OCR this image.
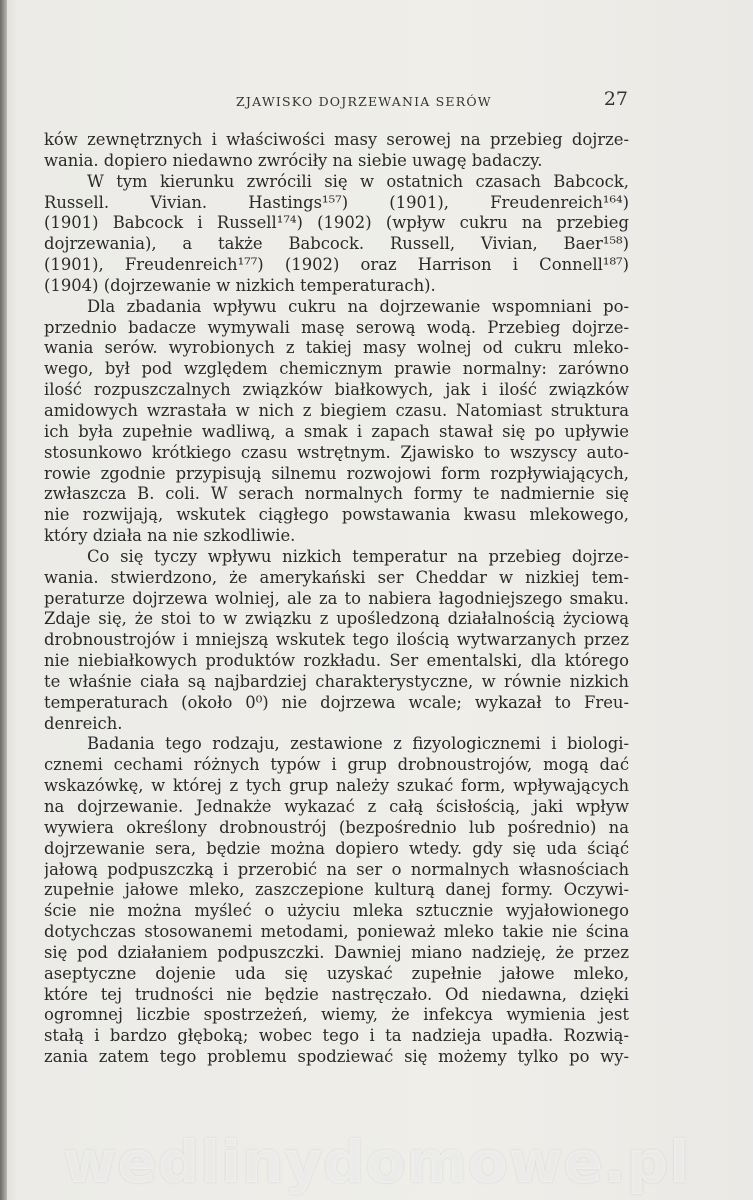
ZJAWISKO DOJRZEWANIA SERÓW	27
ków zewnętrznych i właściwości masy serowej na przebieg dojrze-
wania. dopiero niedawno zwróciły na siebie uwagę badaczy.
W tym kierunku zwrócili się w ostatnich czasach Babcock,
Russell. Vivian. Hastings¹⁵⁷) (1901), Freudenreich¹⁶⁴)
(1901) Babcock i Russell¹⁷⁴) (1902) (wpływ cukru na przebieg
dojrzewania), a także Babcock. Russell, Vivian, Baer¹⁵⁸)
(1901), Freudenreich¹⁷⁷) (1902) oraz Harrison i Connell¹⁸⁷)
(1904) (dojrzewanie w nizkich temperaturach).
Dla zbadania wpływu cukru na dojrzewanie wspomniani po-
przednio badacze wymywali masę serową wodą. Przebieg dojrze-
wania serów. wyrobionych z takiej masy wolnej od cukru mleko-
wego, był pod względem chemicznym prawie normalny: zarówno
ilość rozpuszczalnych związków białkowych, jak i ilość związków
amidowych wzrastała w nich z biegiem czasu. Natomiast struktura
ich była zupełnie wadliwą, a smak i zapach stawał się po upływie
stosunkowo krótkiego czasu wstrętnym. Zjawisko to wszyscy auto-
rowie zgodnie przypisują silnemu rozwojowi form rozpływiających,
zwłaszcza B. coli. W serach normalnych formy te nadmiernie się
nie rozwijają, wskutek ciągłego powstawania kwasu mlekowego,
który działa na nie szkodliwie.
Co się tyczy wpływu nizkich temperatur na przebieg dojrze-
wania. stwierdzono, że amerykański ser Cheddar w nizkiej tem-
peraturze dojrzewa wolniej, ale za to nabiera łagodniejszego smaku.
Zdaje się, że stoi to w związku z upośledzoną działalnością życiową
drobnoustrojów i mniejszą wskutek tego ilością wytwarzanych przez
nie niebiałkowych produktów rozkładu. Ser ementalski, dla którego
te właśnie ciała są najbardziej charakterystyczne, w równie nizkich
temperaturach (około 0⁰) nie dojrzewa wcale; wykazał to Freu-
denreich.
Badania tego rodzaju, zestawione z fizyologicznemi i biologi-
cznemi cechami różnych typów i grup drobnoustrojów, mogą dać
wskazówkę, w której z tych grup należy szukać form, wpływających
na dojrzewanie. Jednakże wykazać z całą ścisłością, jaki wpływ
wywiera określony drobnoustrój (bezpośrednio lub pośrednio) na
dojrzewanie sera, będzie można dopiero wtedy. gdy się uda ściąć
jałową podpuszczką i przerobić na ser o normalnych własnościach
zupełnie jałowe mleko, zaszczepione kulturą danej formy. Oczywi-
ście nie można myśleć o użyciu mleka sztucznie wyjałowionego
dotychczas stosowanemi metodami, ponieważ mleko takie nie ścina
się pod działaniem podpuszczki. Dawniej miano nadzieję, że przez
aseptyczne dojenie uda się uzyskać zupełnie jałowe mleko,
które tej trudności nie będzie nastręczało. Od niedawna, dzięki
ogromnej liczbie spostrzeżeń, wiemy, że infekcya wymienia jest
stałą i bardzo głęboką; wobec tego i ta nadzieja upadła. Rozwią-
zania zatem tego problemu spodziewać się możemy tylko po wy-
wedlinydomowe.pl
